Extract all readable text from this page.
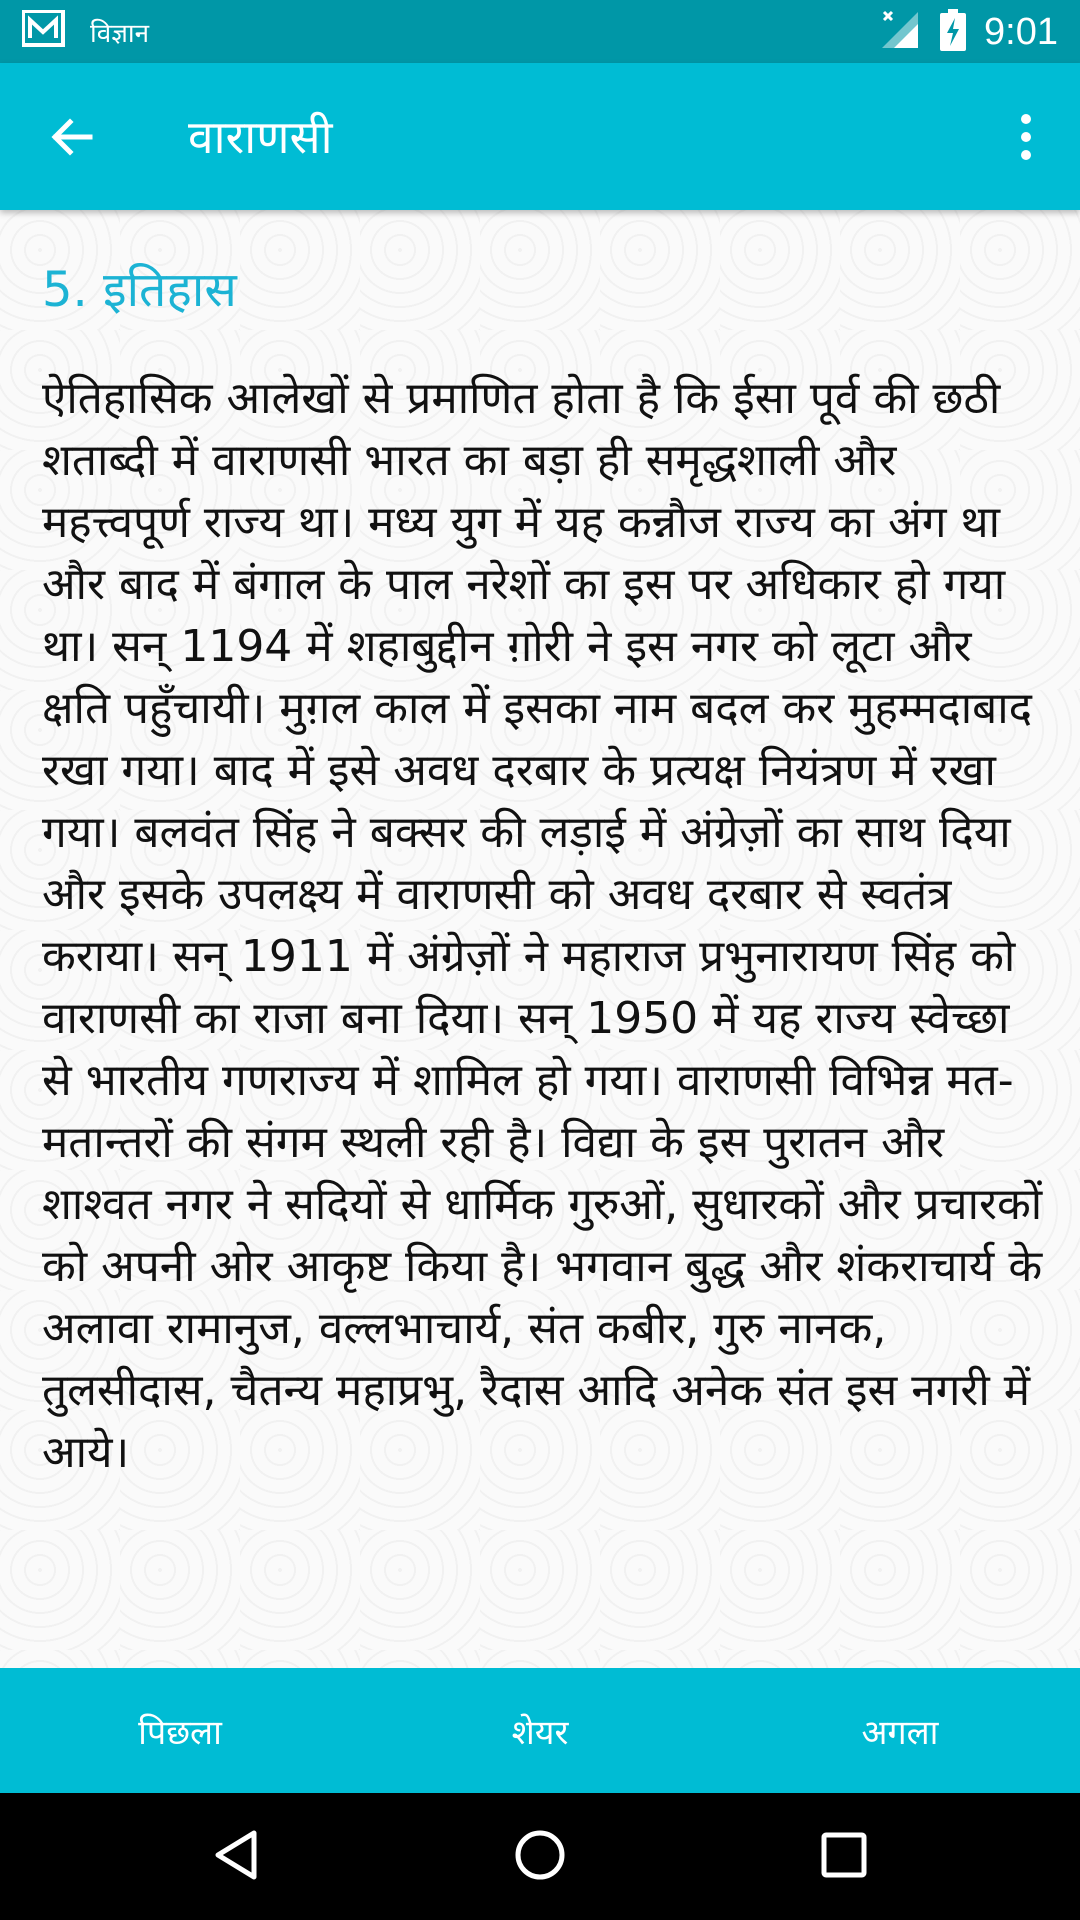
विज्ञान	9:01
वाराणसी
5. इतिहास

ऐतिहासिक आलेखों से प्रमाणित होता है कि ईसा पूर्व की छठी शताब्दी में वाराणसी भारत का बड़ा ही समृद्धशाली और महत्त्वपूर्ण राज्य था। मध्य युग में यह कन्नौज राज्य का अंग था और बाद में बंगाल के पाल नरेशों का इस पर अधिकार हो गया था। सन् 1194 में शहाबुद्दीन ग़ोरी ने इस नगर को लूटा और क्षति पहुँचायी। मुग़ल काल में इसका नाम बदल कर मुहम्मदाबाद रखा गया। बाद में इसे अवध दरबार के प्रत्यक्ष नियंत्रण में रखा गया। बलवंत सिंह ने बक्सर की लड़ाई में अंग्रेज़ों का साथ दिया और इसके उपलक्ष्य में वाराणसी को अवध दरबार से स्वतंत्र कराया। सन् 1911 में अंग्रेज़ों ने महाराज प्रभुनारायण सिंह को वाराणसी का राजा बना दिया। सन् 1950 में यह राज्य स्वेच्छा से भारतीय गणराज्य में शामिल हो गया। वाराणसी विभिन्न मत-मतान्तरों की संगम स्थली रही है। विद्या के इस पुरातन और शाश्वत नगर ने सदियों से धार्मिक गुरुओं, सुधारकों और प्रचारकों को अपनी ओर आकृष्ट किया है। भगवान बुद्ध और शंकराचार्य के अलावा रामानुज, वल्लभाचार्य, संत कबीर, गुरु नानक, तुलसीदास, चैतन्य महाप्रभु, रैदास आदि अनेक संत इस नगरी में आये।

पिछला	शेयर	अगला
